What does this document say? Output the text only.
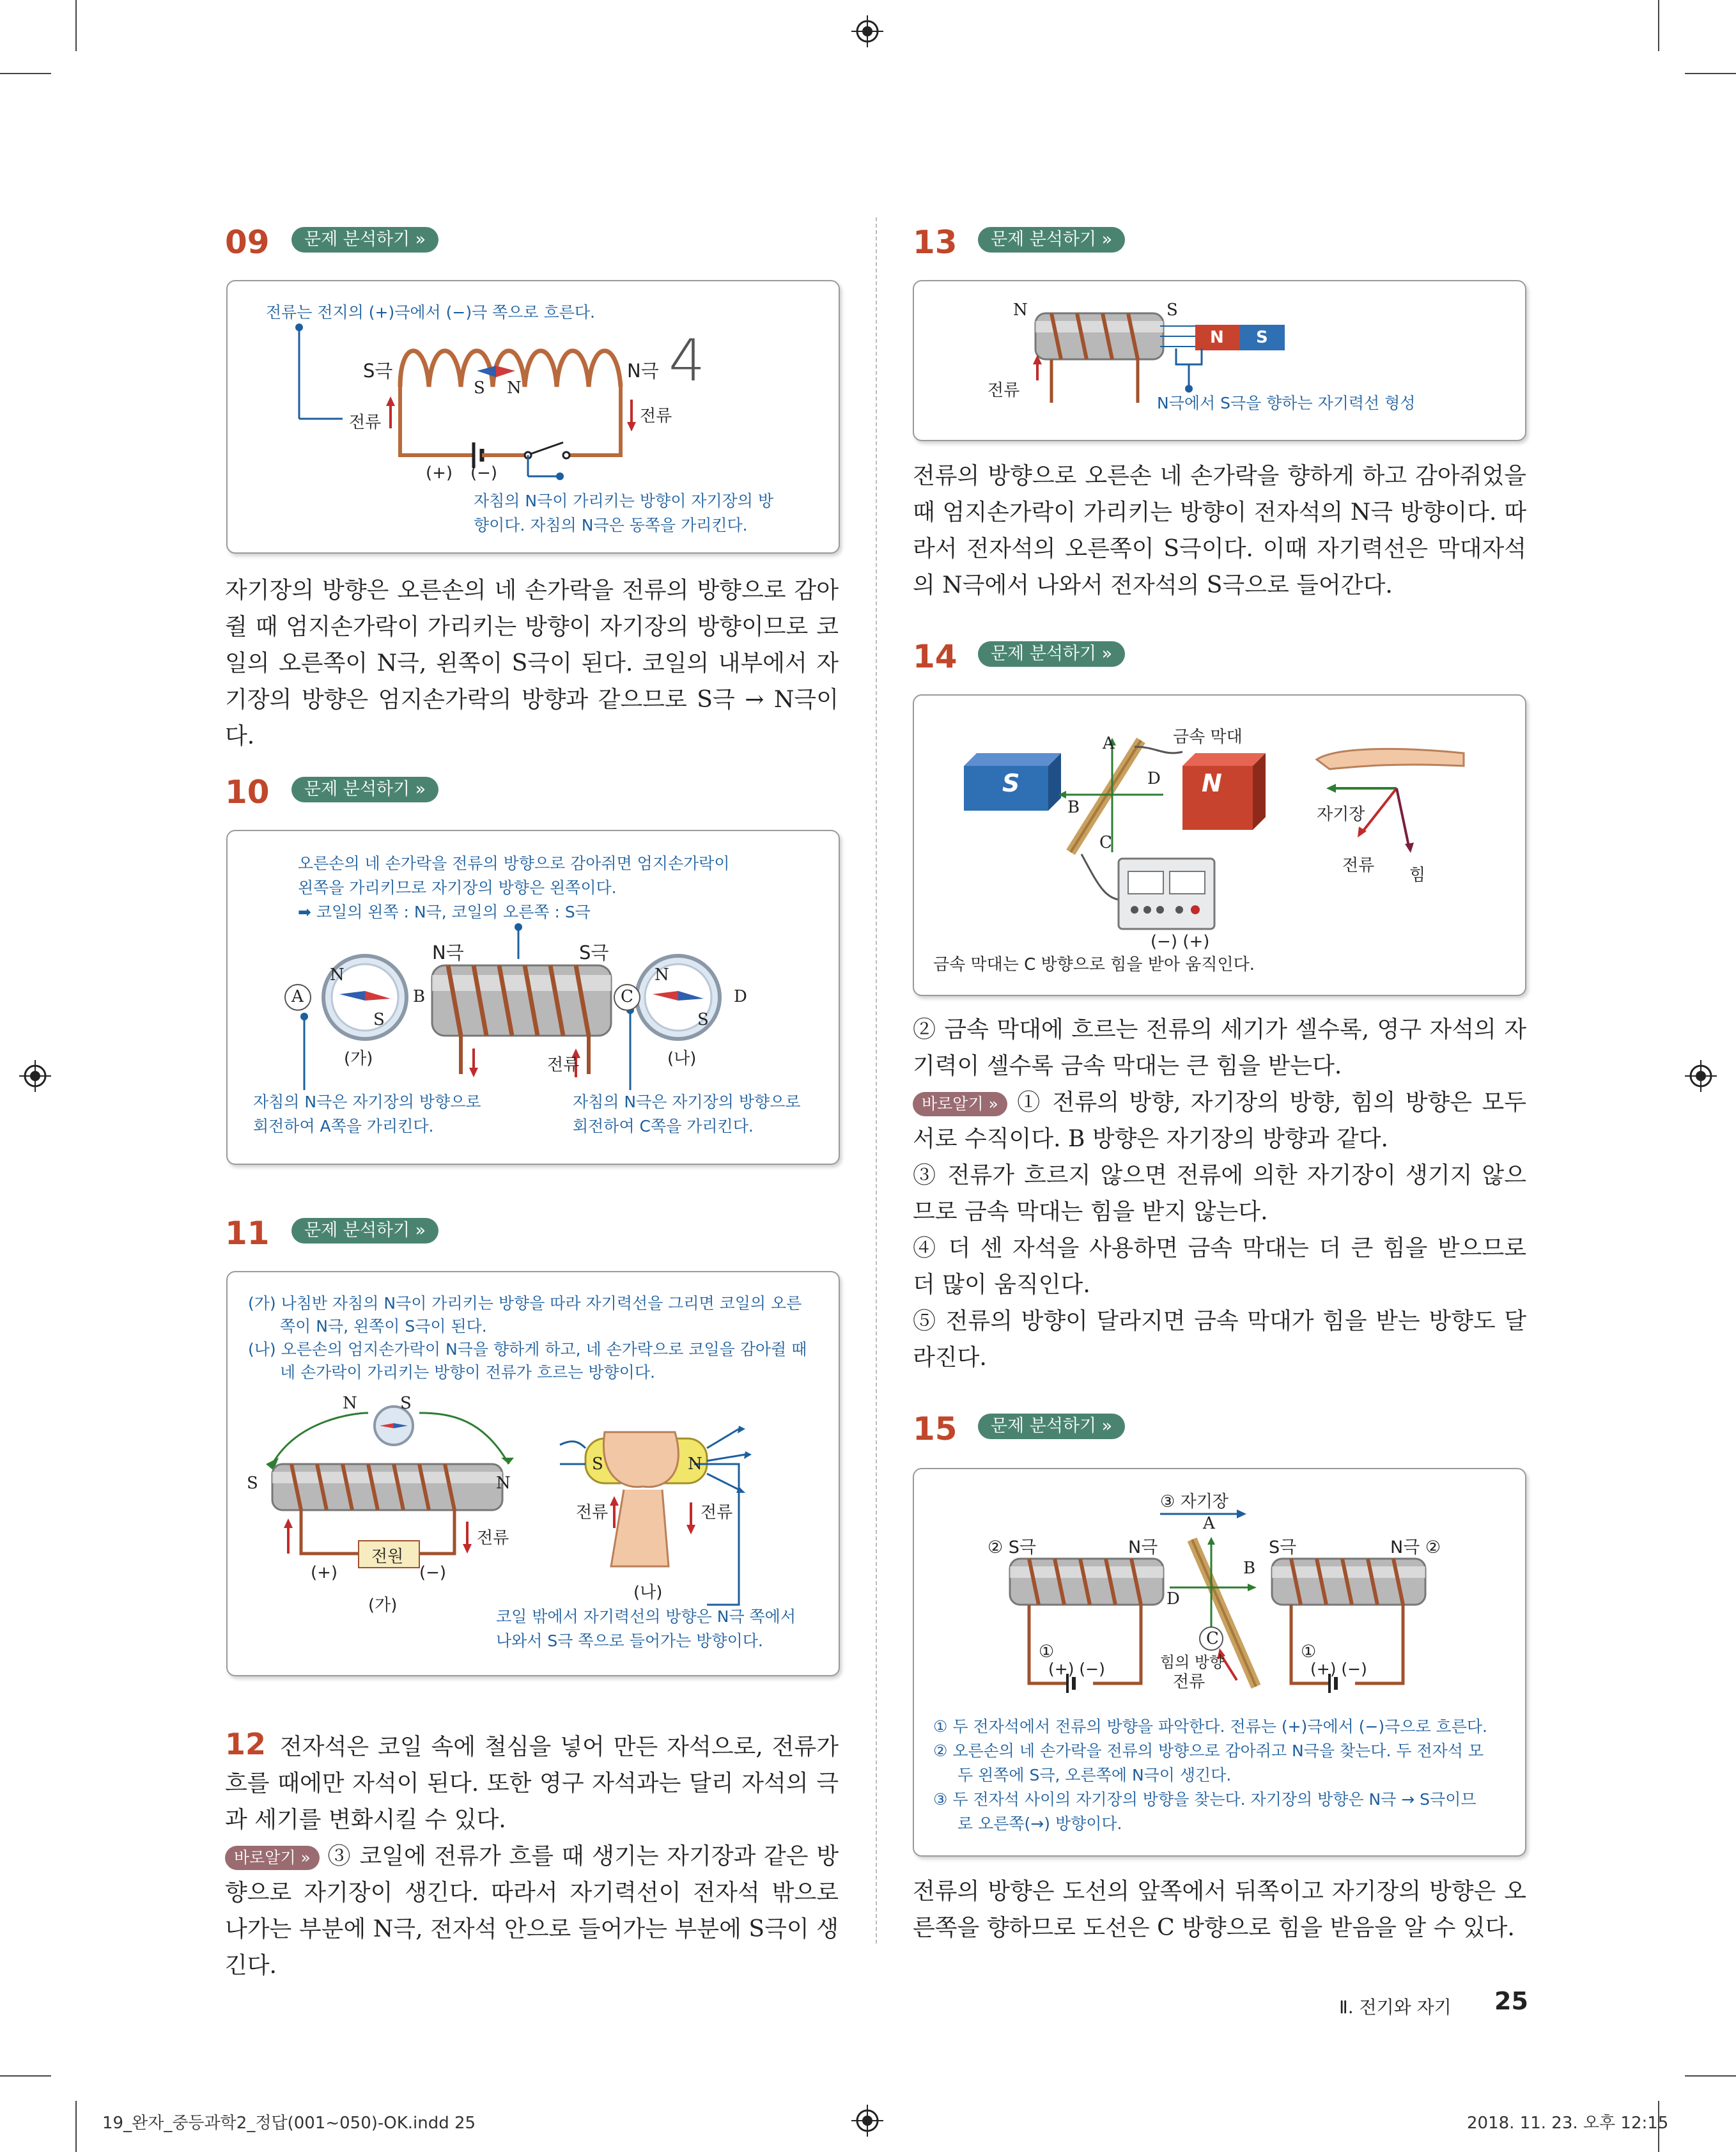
09	문제 분석하기 »
전류는 전지의 (+)극에서 (−)극 쪽으로 흐른다.
S극	N극
S N	4
전류	전류
(+) (−)
자침의 N극이 가리키는 방향이 자기장의 방
향이다. 자침의 N극은 동쪽을 가리킨다.
자기장의 방향은 오른손의 네 손가락을 전류의 방향으로 감아쥘 때 엄지손가락이 가리키는 방향이 자기장의 방향이므로 코일의 오른쪽이 N극, 왼쪽이 S극이 된다. 코일의 내부에서 자기장의 방향은 엄지손가락의 방향과 같으므로 S극 → N극이다.
10	문제 분석하기 »
오른손의 네 손가락을 전류의 방향으로 감아쥐면 엄지손가락이
왼쪽을 가리키므로 자기장의 방향은 왼쪽이다.
➡ 코일의 왼쪽 : N극, 코일의 오른쪽 : S극
N극	S극
A	B	C	D
N
S
N
S
(가)	(나)
전류
자침의 N극은 자기장의 방향으로
회전하여 A쪽을 가리킨다.
자침의 N극은 자기장의 방향으로
회전하여 C쪽을 가리킨다.
11	문제 분석하기 »
(가) 나침반 자침의 N극이 가리키는 방향을 따라 자기력선을 그리면 코일의 오른
쪽이 N극, 왼쪽이 S극이 된다.
(나) 오른손의 엄지손가락이 N극을 향하게 하고, 네 손가락으로 코일을 감아쥘 때
네 손가락이 가리키는 방향이 전류가 흐르는 방향이다.
N	S
S	N
S	N
전원
(+)	(−)
전류
전류	전류
(가)
(나)
코일 밖에서 자기력선의 방향은 N극 쪽에서
나와서 S극 쪽으로 들어가는 방향이다.
12 전자석은 코일 속에 철심을 넣어 만든 자석으로, 전류가 흐를 때에만 자석이 된다. 또한 영구 자석과는 달리 자석의 극과 세기를 변화시킬 수 있다.
바로알기 » ③ 코일에 전류가 흐를 때 생기는 자기장과 같은 방향으로 자기장이 생긴다. 따라서 자기력선이 전자석 밖으로 나가는 부분에 N극, 전자석 안으로 들어가는 부분에 S극이 생긴다.
13	문제 분석하기 »
N	S
N S
전류
N극에서 S극을 향하는 자기력선 형성
전류의 방향으로 오른손 네 손가락을 향하게 하고 감아쥐었을 때 엄지손가락이 가리키는 방향이 전자석의 N극 방향이다. 따라서 전자석의 오른쪽이 S극이다. 이때 자기력선은 막대자석의 N극에서 나와서 전자석의 S극으로 들어간다.
14	문제 분석하기 »
금속 막대
A
B
C
D
S	N
(−) (+)
자기장
전류 힘
금속 막대는 C 방향으로 힘을 받아 움직인다.
② 금속 막대에 흐르는 전류의 세기가 셀수록, 영구 자석의 자기력이 셀수록 금속 막대는 큰 힘을 받는다.
바로알기 » ① 전류의 방향, 자기장의 방향, 힘의 방향은 모두 서로 수직이다. B 방향은 자기장의 방향과 같다.
③ 전류가 흐르지 않으면 전류에 의한 자기장이 생기지 않으므로 금속 막대는 힘을 받지 않는다.
④ 더 센 자석을 사용하면 금속 막대는 더 큰 힘을 받으므로 더 많이 움직인다.
⑤ 전류의 방향이 달라지면 금속 막대가 힘을 받는 방향도 달라진다.
15	문제 분석하기 »
③ 자기장
A
B
C
D
② S극	N극	S극	N극 ②
①	①
(+) (−)	(+) (−)
힘의 방향
전류
① 두 전자석에서 전류의 방향을 파악한다. 전류는 (+)극에서 (−)극으로 흐른다.
② 오른손의 네 손가락을 전류의 방향으로 감아쥐고 N극을 찾는다. 두 전자석 모
두 왼쪽에 S극, 오른쪽에 N극이 생긴다.
③ 두 전자석 사이의 자기장의 방향을 찾는다. 자기장의 방향은 N극 → S극이므
로 오른쪽(→) 방향이다.
전류의 방향은 도선의 앞쪽에서 뒤쪽이고 자기장의 방향은 오른쪽을 향하므로 도선은 C 방향으로 힘을 받음을 알 수 있다.
Ⅱ. 전기와 자기 25
19_완자_중등과학2_정답(001~050)-OK.indd 25	2018. 11. 23. 오후 12:15
